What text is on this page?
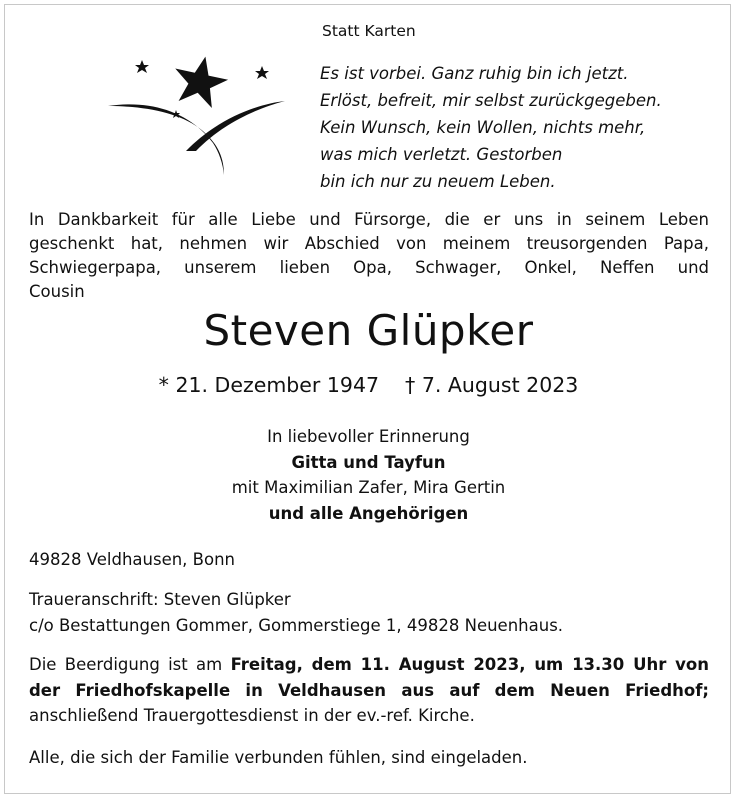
Statt Karten
Es ist vorbei. Ganz ruhig bin ich jetzt.
Erlöst, befreit, mir selbst zurückgegeben.
Kein Wunsch, kein Wollen, nichts mehr,
was mich verletzt. Gestorben
bin ich nur zu neuem Leben.
In Dankbarkeit für alle Liebe und Fürsorge, die er uns in seinem Leben
geschenkt hat, nehmen wir Abschied von meinem treusorgenden Papa,
Schwiegerpapa, unserem lieben Opa, Schwager, Onkel, Neffen und
Cousin
Steven Glüpker
* 21. Dezember 1947 † 7. August 2023
In liebevoller Erinnerung
Gitta und Tayfun
mit Maximilian Zafer, Mira Gertin
und alle Angehörigen
49828 Veldhausen, Bonn
Traueranschrift: Steven Glüpker
c/o Bestattungen Gommer, Gommerstiege 1, 49828 Neuenhaus.
Die Beerdigung ist am Freitag, dem 11. August 2023, um 13.30 Uhr von
der Friedhofskapelle in Veldhausen aus auf dem Neuen Friedhof;
anschließend Trauergottesdienst in der ev.-ref. Kirche.
Alle, die sich der Familie verbunden fühlen, sind eingeladen.
